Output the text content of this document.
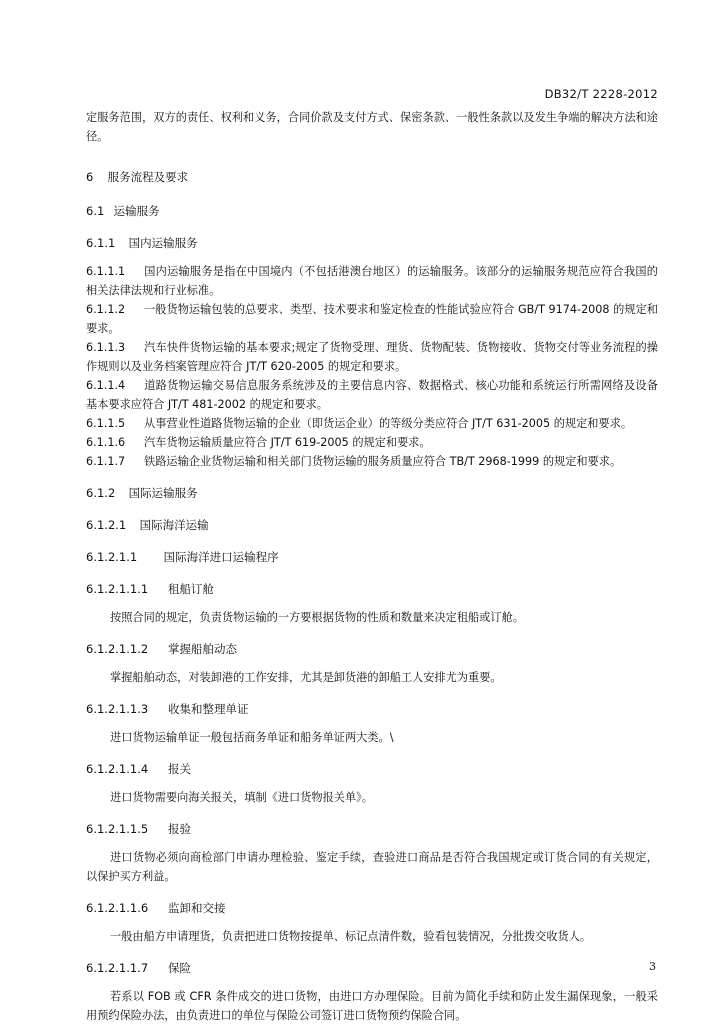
DB32/T 2228-2012

定服务范围，双方的责任、权利和义务，合同价款及支付方式、保密条款、一般性条款以及发生争端的解决方法和途径。

6 服务流程及要求
6.1 运输服务
6.1.1 国内运输服务

6.1.1.1 国内运输服务是指在中国境内（不包括港澳台地区）的运输服务。该部分的运输服务规范应符合我国的相关法律法规和行业标准。

6.1.1.2 一般货物运输包装的总要求、类型、技术要求和鉴定检查的性能试验应符合 GB/T 9174-2008 的规定和要求。

6.1.1.3 汽车快件货物运输的基本要求;规定了货物受理、理货、货物配装、货物接收、货物交付等业务流程的操作规则以及业务档案管理应符合 JT/T 620-2005 的规定和要求。

6.1.1.4 道路货物运输交易信息服务系统涉及的主要信息内容、数据格式、核心功能和系统运行所需网络及设备基本要求应符合 JT/T 481-2002 的规定和要求。

6.1.1.5 从事营业性道路货物运输的企业（即货运企业）的等级分类应符合 JT/T 631-2005 的规定和要求。

6.1.1.6 汽车货物运输质量应符合 JT/T 619-2005 的规定和要求。

6.1.1.7 铁路运输企业货物运输和相关部门货物运输的服务质量应符合 TB/T 2968-1999 的规定和要求。

6.1.2 国际运输服务
6.1.2.1 国际海洋运输
6.1.2.1.1 国际海洋进口运输程序
6.1.2.1.1.1 租船订舱

按照合同的规定，负责货物运输的一方要根据货物的性质和数量来决定租船或订舱。

6.1.2.1.1.2 掌握船舶动态

掌握船舶动态，对装卸港的工作安排，尤其是卸货港的卸船工人安排尤为重要。

6.1.2.1.1.3 收集和整理单证

进口货物运输单证一般包括商务单证和船务单证两大类。\

6.1.2.1.1.4 报关

进口货物需要向海关报关，填制《进口货物报关单》。

6.1.2.1.1.5 报验

进口货物必须向商检部门申请办理检验、鉴定手续，查验进口商品是否符合我国规定或订货合同的有关规定，以保护买方利益。

6.1.2.1.1.6 监卸和交接

一般由船方申请理货，负责把进口货物按提单、标记点清件数，验看包装情况，分批拨交收货人。

6.1.2.1.1.7 保险

若系以 FOB 或 CFR 条件成交的进口货物，由进口方办理保险。目前为简化手续和防止发生漏保现象，一般采用预约保险办法，由负责进口的单位与保险公司签订进口货物预约保险合同。

3
